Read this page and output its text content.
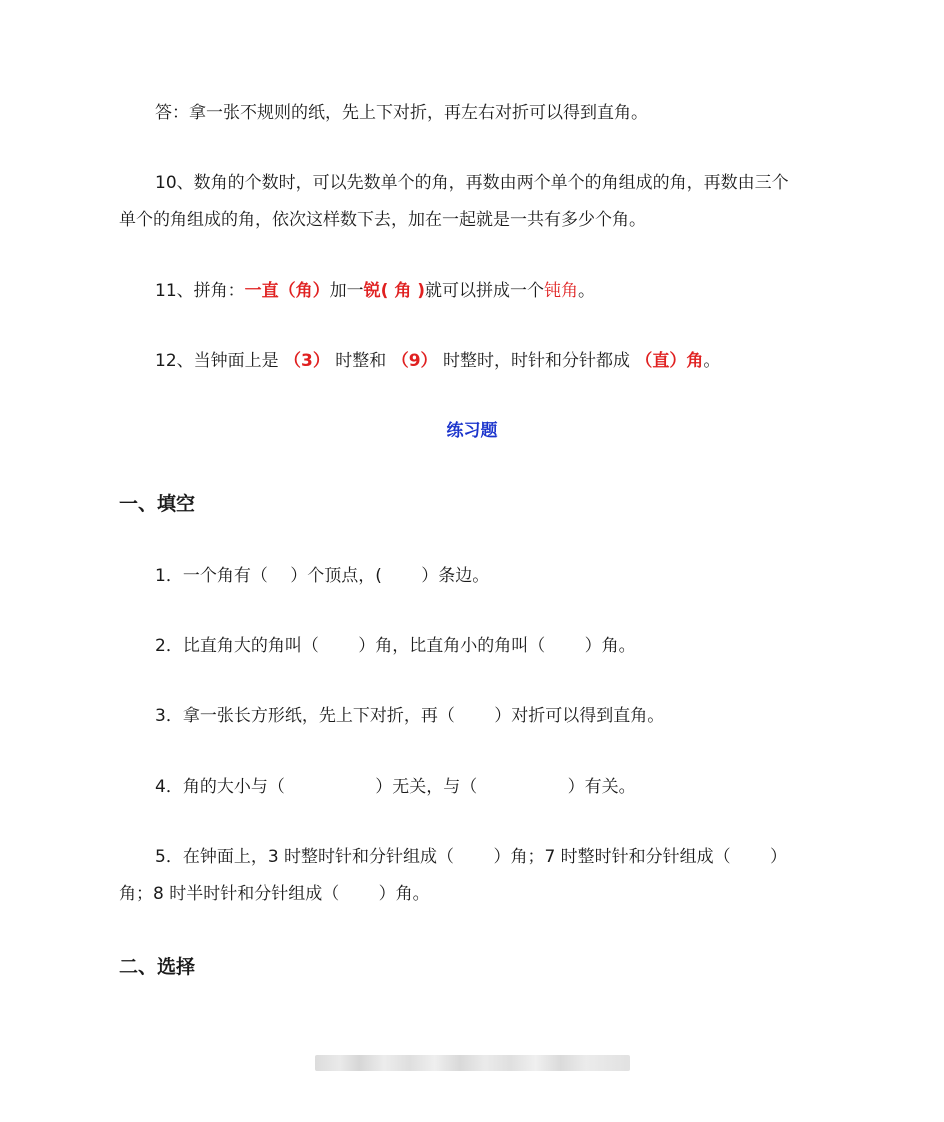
答：拿一张不规则的纸，先上下对折，再左右对折可以得到直角。
10、数角的个数时，可以先数单个的角，再数由两个单个的角组成的角，再数由三个
单个的角组成的角，依次这样数下去，加在一起就是一共有多少个角。
11、拼角：一直（角）加一锐( 角 )就可以拼成一个钝角。
12、当钟面上是 （3） 时整和 （9） 时整时，时针和分针都成 （直）角。
练习题
一、填空
1．一个角有（　 ）个顶点，(　　 ）条边。
2．比直角大的角叫（　　 ）角，比直角小的角叫（　　 ）角。
3．拿一张长方形纸，先上下对折，再（　　 ）对折可以得到直角。
4．角的大小与（　　　　　 ）无关，与（　　　　　 ）有关。
5．在钟面上，3 时整时针和分针组成（　　 ）角；7 时整时针和分针组成（　　 ）
角；8 时半时针和分针组成（　　 ）角。
二、选择
